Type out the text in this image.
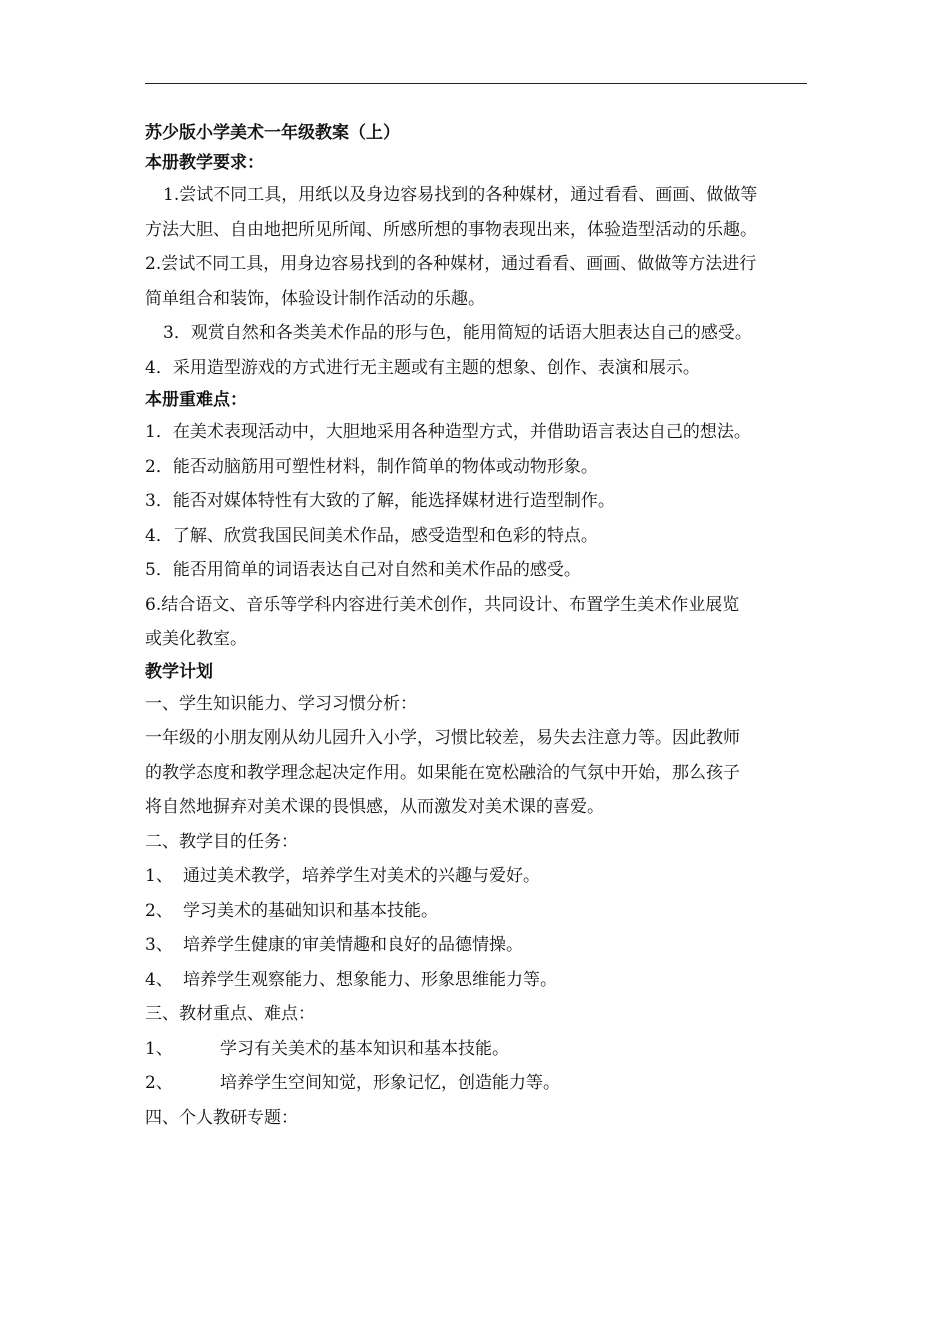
苏少版小学美术一年级教案（上）
本册教学要求：
1.尝试不同工具，用纸以及身边容易找到的各种媒材，通过看看、画画、做做等
方法大胆、自由地把所见所闻、所感所想的事物表现出来，体验造型活动的乐趣。
2.尝试不同工具，用身边容易找到的各种媒材，通过看看、画画、做做等方法进行
简单组合和装饰，体验设计制作活动的乐趣。
3．观赏自然和各类美术作品的形与色，能用简短的话语大胆表达自己的感受。
4．采用造型游戏的方式进行无主题或有主题的想象、创作、表演和展示。
本册重难点：
1．在美术表现活动中，大胆地采用各种造型方式，并借助语言表达自己的想法。
2．能否动脑筋用可塑性材料，制作简单的物体或动物形象。
3．能否对媒体特性有大致的了解，能选择媒材进行造型制作。
4．了解、欣赏我国民间美术作品，感受造型和色彩的特点。
5．能否用简单的词语表达自己对自然和美术作品的感受。
6.结合语文、音乐等学科内容进行美术创作，共同设计、布置学生美术作业展览
或美化教室。
教学计划
一、学生知识能力、学习习惯分析：
一年级的小朋友刚从幼儿园升入小学，习惯比较差，易失去注意力等。因此教师
的教学态度和教学理念起决定作用。如果能在宽松融洽的气氛中开始，那么孩子
将自然地摒弃对美术课的畏惧感，从而激发对美术课的喜爱。
二、教学目的任务：
1、 通过美术教学，培养学生对美术的兴趣与爱好。
2、 学习美术的基础知识和基本技能。
3、 培养学生健康的审美情趣和良好的品德情操。
4、 培养学生观察能力、想象能力、形象思维能力等。
三、教材重点、难点：
1、	学习有关美术的基本知识和基本技能。
2、	培养学生空间知觉，形象记忆，创造能力等。
四、个人教研专题：
